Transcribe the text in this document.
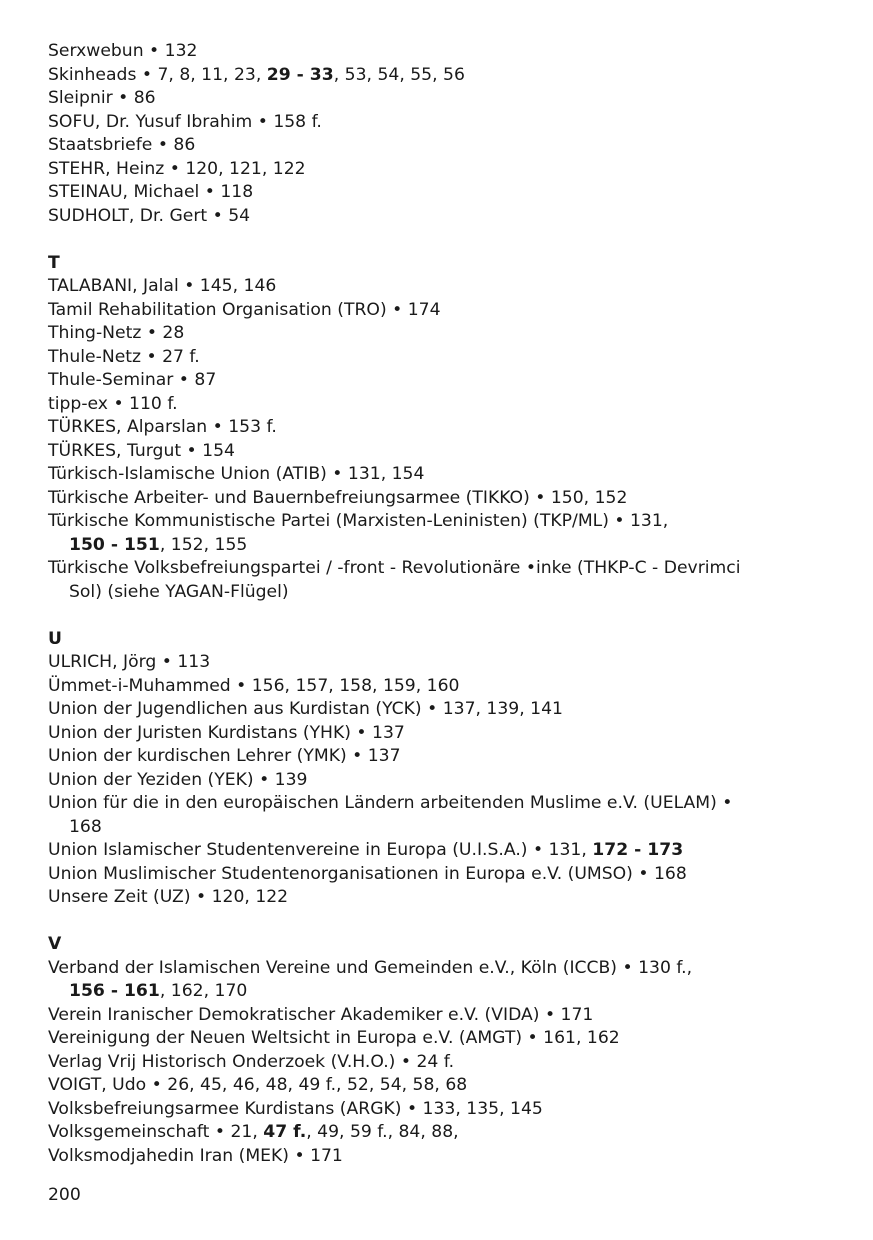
Serxwebun • 132
Skinheads • 7, 8, 11, 23, 29 - 33, 53, 54, 55, 56
Sleipnir • 86
SOFU, Dr. Yusuf Ibrahim • 158 f.
Staatsbriefe • 86
STEHR, Heinz • 120, 121, 122
STEINAU, Michael • 118
SUDHOLT, Dr. Gert • 54
T
TALABANI, Jalal • 145, 146
Tamil Rehabilitation Organisation (TRO) • 174
Thing-Netz • 28
Thule-Netz • 27 f.
Thule-Seminar • 87
tipp-ex • 110 f.
TÜRKES, Alparslan • 153 f.
TÜRKES, Turgut • 154
Türkisch-Islamische Union (ATIB) • 131, 154
Türkische Arbeiter- und Bauernbefreiungsarmee (TIKKO) • 150, 152
Türkische Kommunistische Partei (Marxisten-Leninisten) (TKP/ML) • 131,
150 - 151, 152, 155
Türkische Volksbefreiungspartei / -front - Revolutionäre •inke (THKP-C - Devrimci
Sol) (siehe YAGAN-Flügel)
U
ULRICH, Jörg • 113
Ümmet-i-Muhammed • 156, 157, 158, 159, 160
Union der Jugendlichen aus Kurdistan (YCK) • 137, 139, 141
Union der Juristen Kurdistans (YHK) • 137
Union der kurdischen Lehrer (YMK) • 137
Union der Yeziden (YEK) • 139
Union für die in den europäischen Ländern arbeitenden Muslime e.V. (UELAM) •
168
Union Islamischer Studentenvereine in Europa (U.I.S.A.) • 131, 172 - 173
Union Muslimischer Studentenorganisationen in Europa e.V. (UMSO) • 168
Unsere Zeit (UZ) • 120, 122
V
Verband der Islamischen Vereine und Gemeinden e.V., Köln (ICCB) • 130 f.,
156 - 161, 162, 170
Verein Iranischer Demokratischer Akademiker e.V. (VIDA) • 171
Vereinigung der Neuen Weltsicht in Europa e.V. (AMGT) • 161, 162
Verlag Vrij Historisch Onderzoek (V.H.O.) • 24 f.
VOIGT, Udo • 26, 45, 46, 48, 49 f., 52, 54, 58, 68
Volksbefreiungsarmee Kurdistans (ARGK) • 133, 135, 145
Volksgemeinschaft • 21, 47 f., 49, 59 f., 84, 88,
Volksmodjahedin Iran (MEK) • 171
200
